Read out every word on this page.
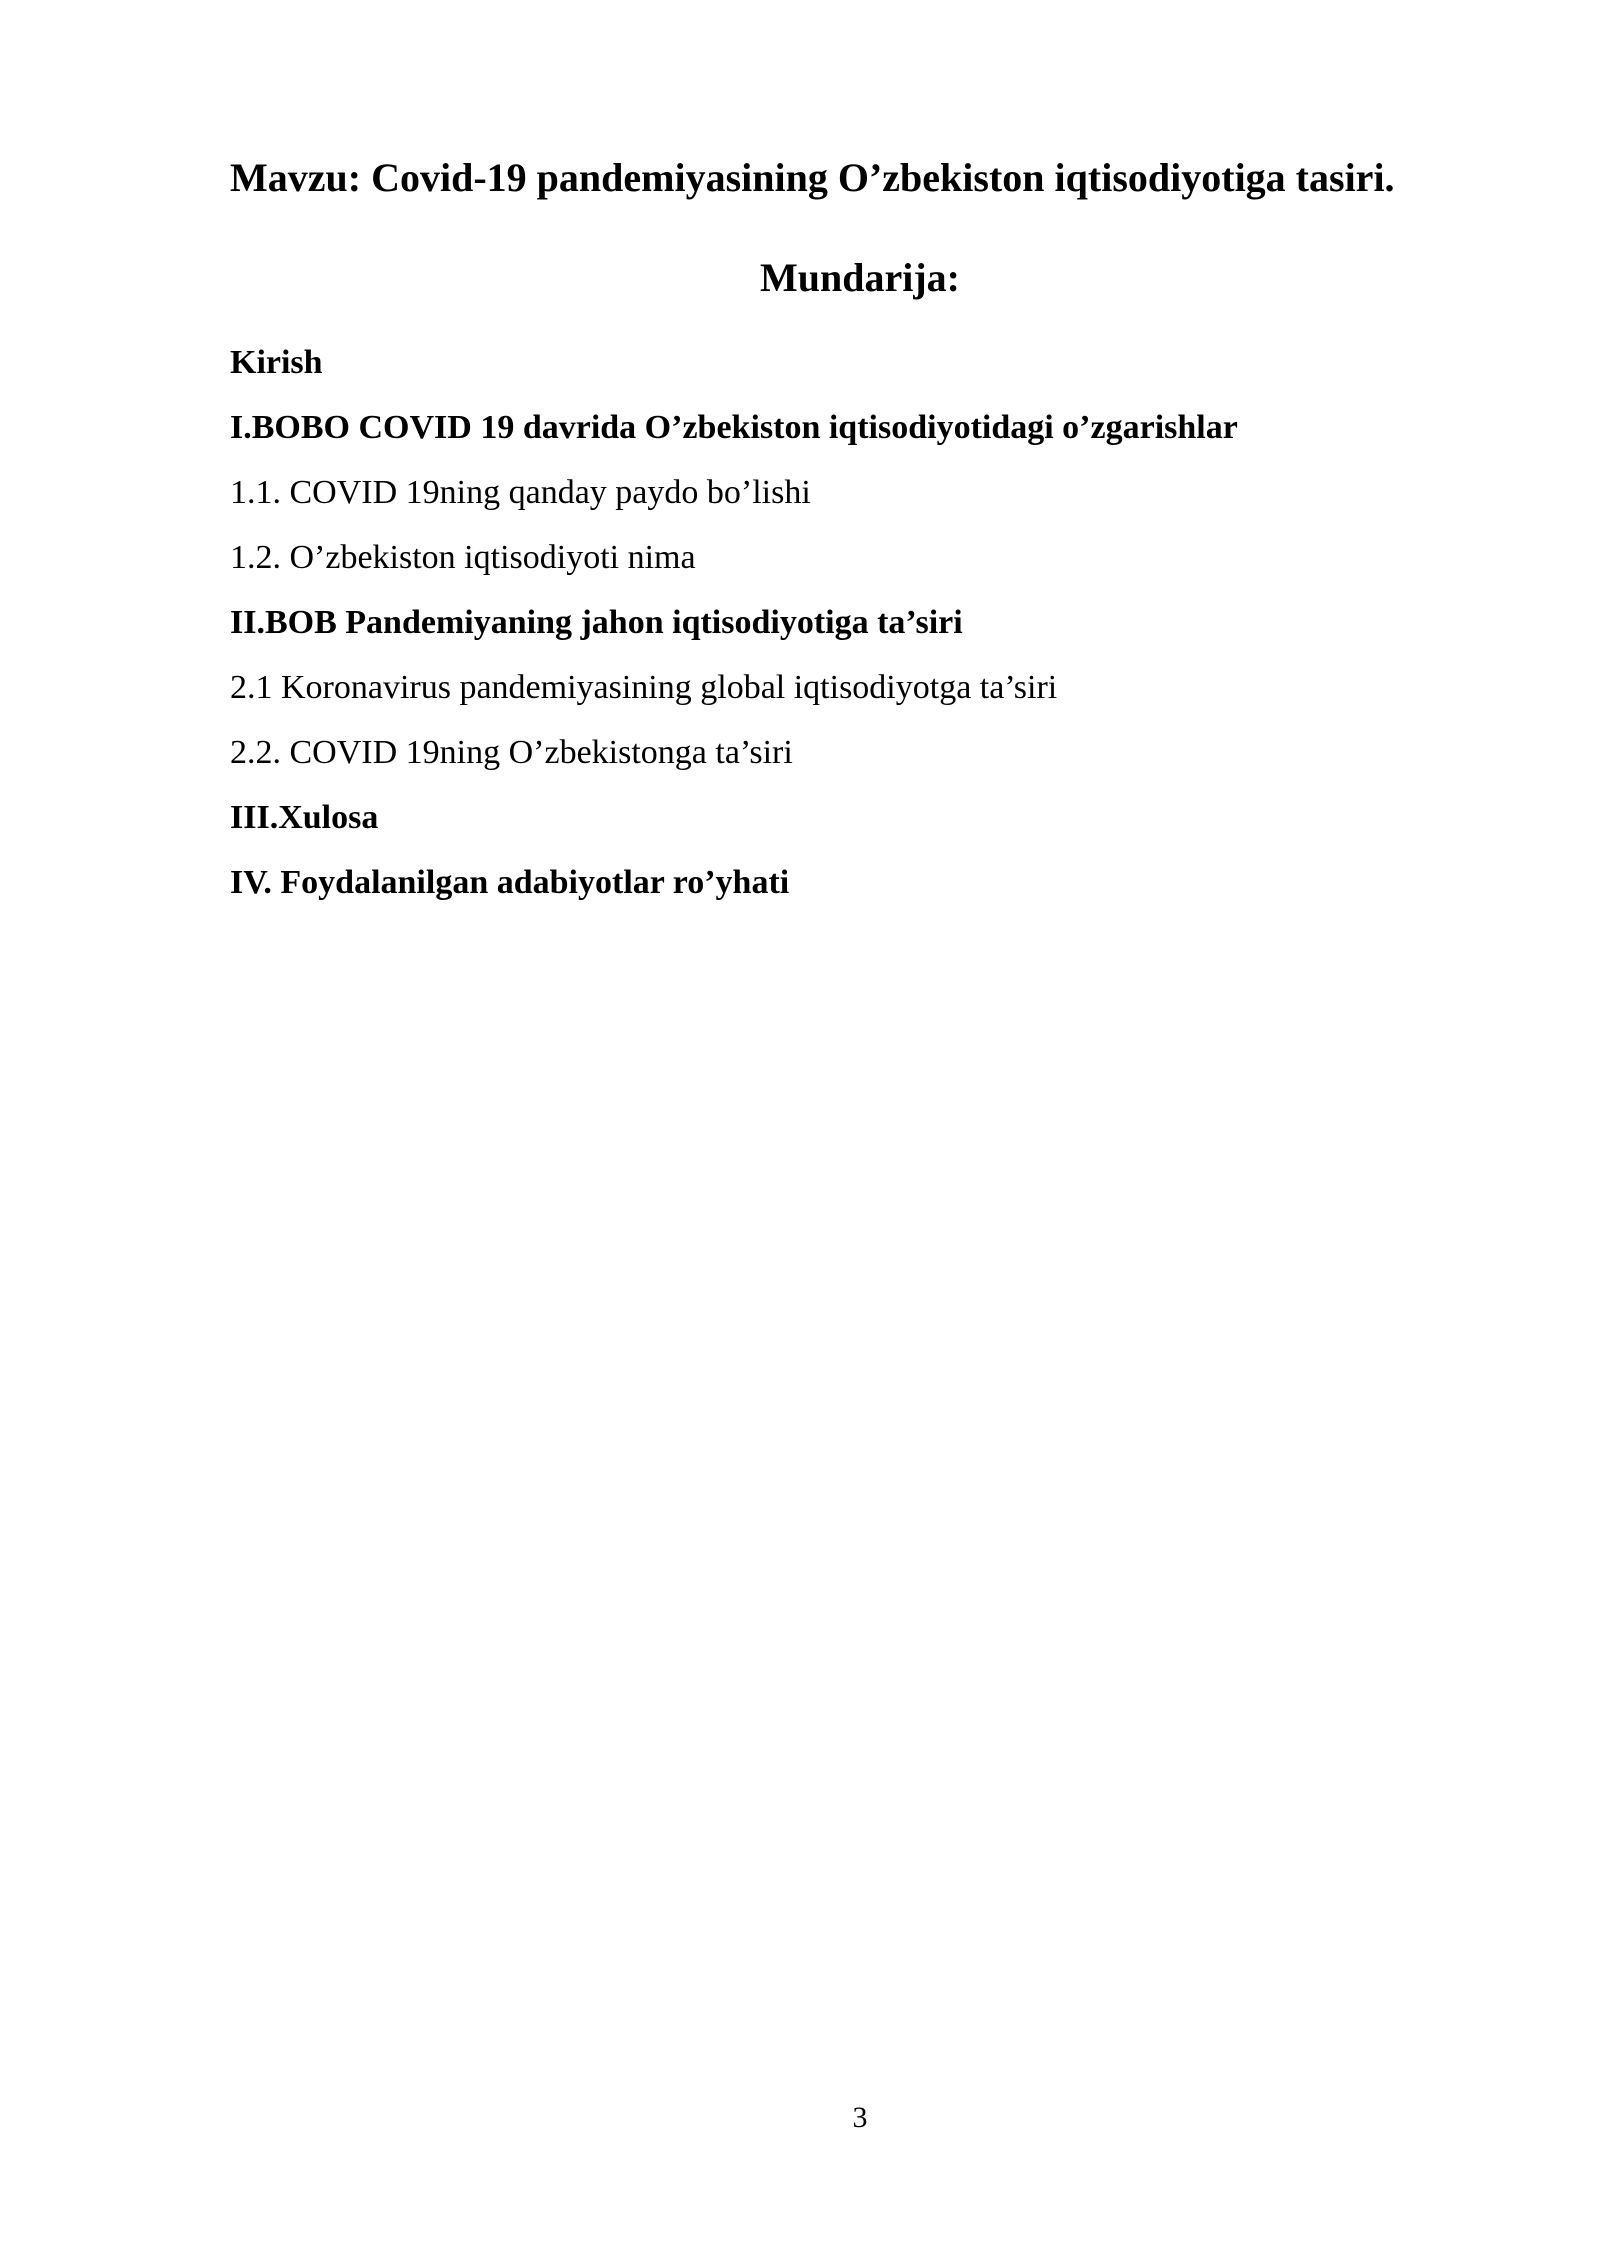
Mavzu: Covid-19 pandemiyasining O’zbekiston iqtisodiyotiga tasiri.
Mundarija:
Kirish
I.BOBO COVID 19 davrida O’zbekiston iqtisodiyotidagi o’zgarishlar
1.1. COVID 19ning qanday paydo bo’lishi
1.2. O’zbekiston iqtisodiyoti nima
II.BOB Pandemiyaning jahon iqtisodiyotiga ta’siri
2.1 Koronavirus pandemiyasining global iqtisodiyotga ta’siri
2.2. COVID 19ning O’zbekistonga ta’siri
III.Xulosa
IV. Foydalanilgan adabiyotlar ro’yhati
3
